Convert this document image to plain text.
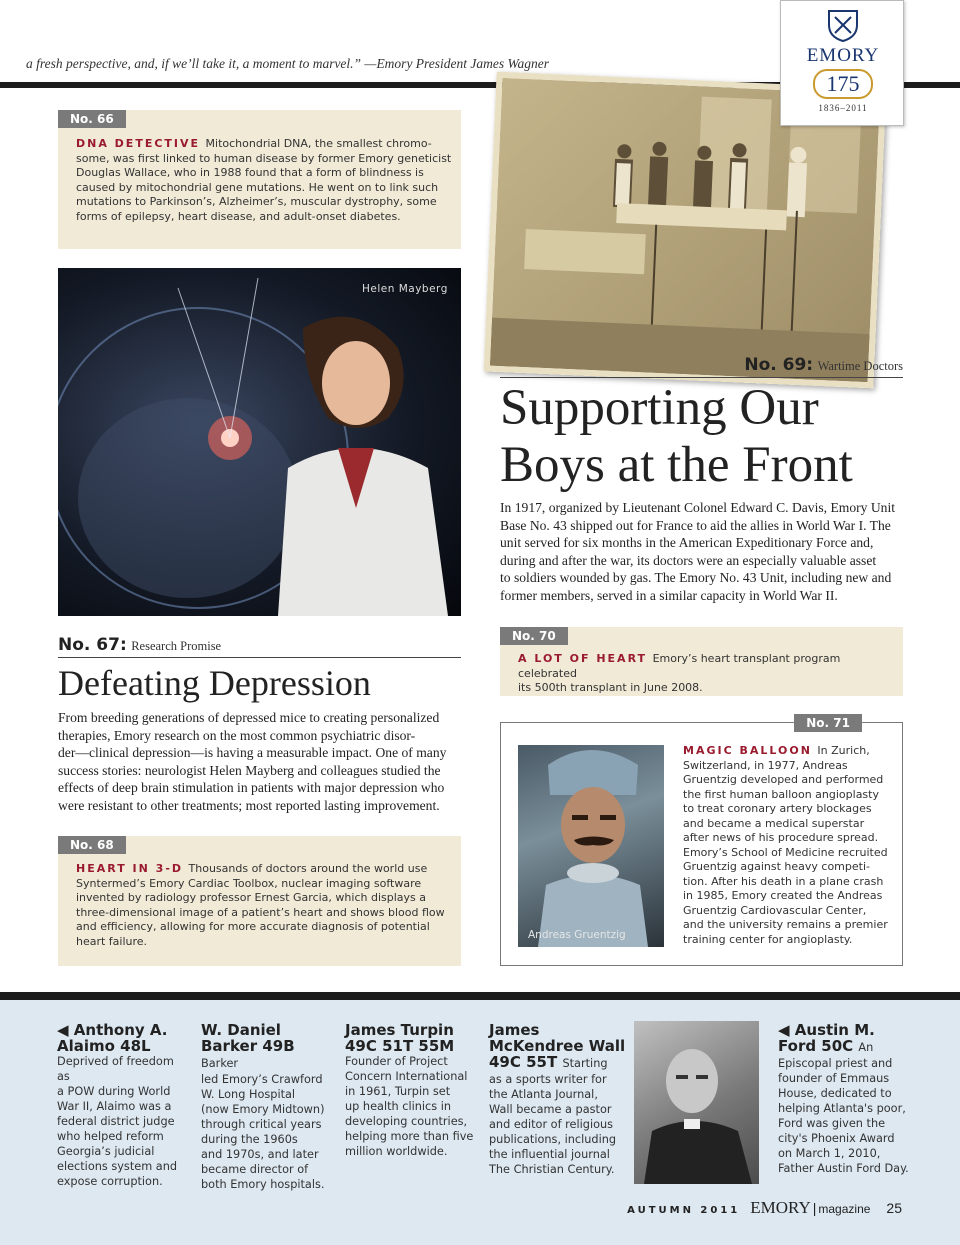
a fresh perspective, and, if we’ll take it, a moment to marvel.” —Emory President James Wagner	EMORY
175
1836–2011
No. 66
DNA DETECTIVE Mitochondrial DNA, the smallest chromo-
some, was first linked to human disease by former Emory geneticist
Douglas Wallace, who in 1988 found that a form of blindness is
caused by mitochondrial gene mutations. He went on to link such
mutations to Parkinson’s, Alzheimer’s, muscular dystrophy, some
forms of epilepsy, heart disease, and adult-onset diabetes.
Helen Mayberg
No. 69: Wartime Doctors
Supporting Our
Boys at the Front
In 1917, organized by Lieutenant Colonel Edward C. Davis, Emory Unit
Base No. 43 shipped out for France to aid the allies in World War I. The
unit served for six months in the American Expeditionary Force and,
during and after the war, its doctors were an especially valuable asset
to soldiers wounded by gas. The Emory No. 43 Unit, including new and
former members, served in a similar capacity in World War II.
No. 67: Research Promise
Defeating Depression
From breeding generations of depressed mice to creating personalized
therapies, Emory research on the most common psychiatric disor-
der—clinical depression—is having a measurable impact. One of many
success stories: neurologist Helen Mayberg and colleagues studied the
effects of deep brain stimulation in patients with major depression who
were resistant to other treatments; most reported lasting improvement.
No. 70
A LOT OF HEART Emory’s heart transplant program celebrated
its 500th transplant in June 2008.
No. 71
Andreas Gruentzig
MAGIC BALLOON In Zurich,
Switzerland, in 1977, Andreas
Gruentzig developed and performed
the first human balloon angioplasty
to treat coronary artery blockages
and became a medical superstar
after news of his procedure spread.
Emory’s School of Medicine recruited
Gruentzig against heavy competi-
tion. After his death in a plane crash
in 1985, Emory created the Andreas
Gruentzig Cardiovascular Center,
and the university remains a premier
training center for angioplasty.
No. 68
HEART IN 3-D Thousands of doctors around the world use
Syntermed’s Emory Cardiac Toolbox, nuclear imaging software
invented by radiology professor Ernest Garcia, which displays a
three-dimensional image of a patient’s heart and shows blood flow
and efficiency, allowing for more accurate diagnosis of potential
heart failure.
◀ Anthony A.
Alaimo 48L
Deprived of freedom as
a POW during World
War II, Alaimo was a
federal district judge
who helped reform
Georgia’s judicial
elections system and
expose corruption.
W. Daniel
Barker 49B Barker
led Emory’s Crawford
W. Long Hospital
(now Emory Midtown)
through critical years
during the 1960s
and 1970s, and later
became director of
both Emory hospitals.
James Turpin
49C 51T 55M
Founder of Project
Concern International
in 1961, Turpin set
up health clinics in
developing countries,
helping more than five
million worldwide.
James
McKendree Wall
49C 55T Starting
as a sports writer for
the Atlanta Journal,
Wall became a pastor
and editor of religious
publications, including
the influential journal
The Christian Century.
◀ Austin M.
Ford 50C An
Episcopal priest and
founder of Emmaus
House, dedicated to
helping Atlanta's poor,
Ford was given the
city's Phoenix Award
on March 1, 2010,
Father Austin Ford Day.
AUTUMN 2011 EMORY | magazine 25
